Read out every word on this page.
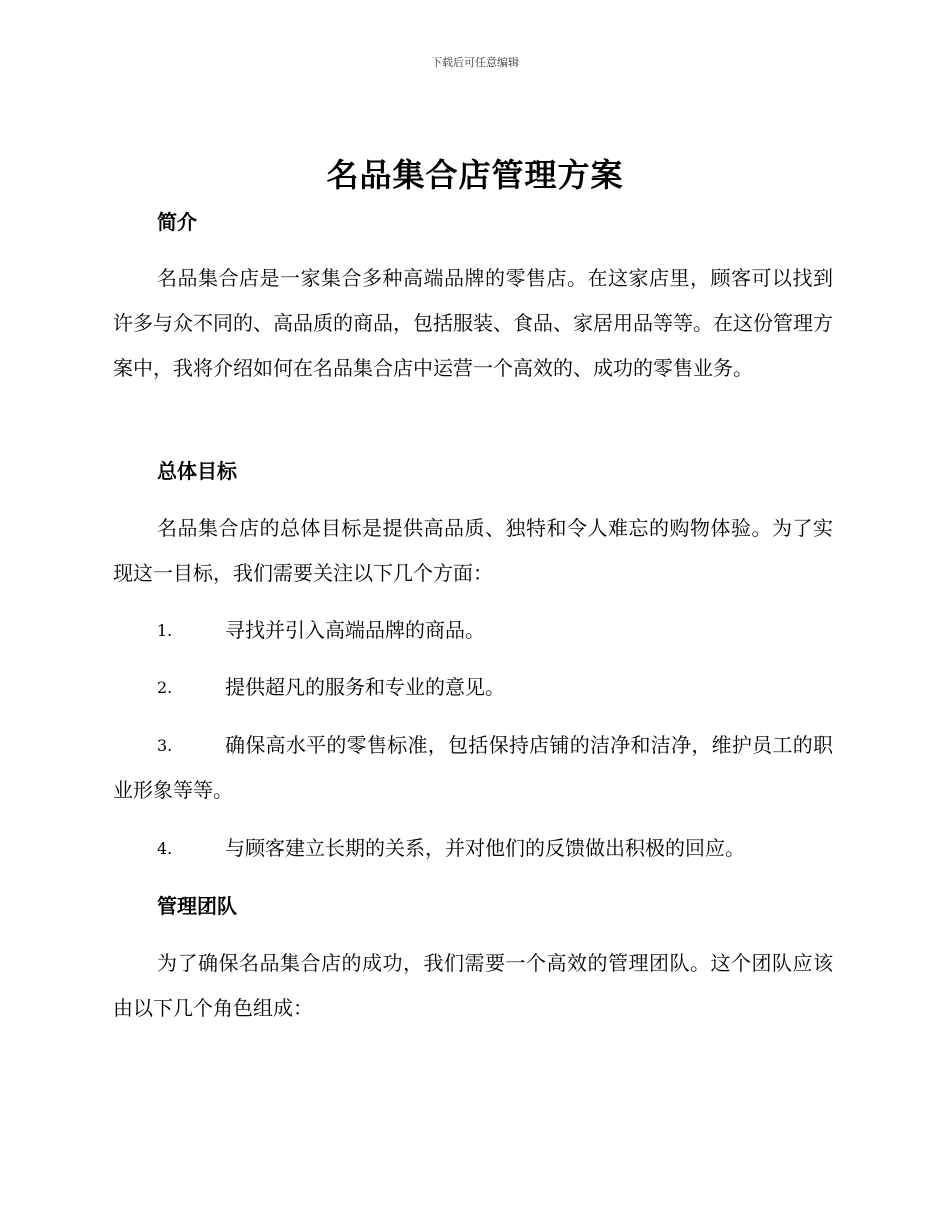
下载后可任意编辑
名品集合店管理方案
简介
名品集合店是一家集合多种高端品牌的零售店。在这家店里，顾客可以找到许多与众不同的、高品质的商品，包括服装、食品、家居用品等等。在这份管理方案中，我将介绍如何在名品集合店中运营一个高效的、成功的零售业务。
总体目标
名品集合店的总体目标是提供高品质、独特和令人难忘的购物体验。为了实现这一目标，我们需要关注以下几个方面：
1.	寻找并引入高端品牌的商品。
2.	提供超凡的服务和专业的意见。
3.	确保高水平的零售标准，包括保持店铺的洁净和洁净，维护员工的职业形象等等。
4.	与顾客建立长期的关系，并对他们的反馈做出积极的回应。
管理团队
为了确保名品集合店的成功，我们需要一个高效的管理团队。这个团队应该由以下几个角色组成：
